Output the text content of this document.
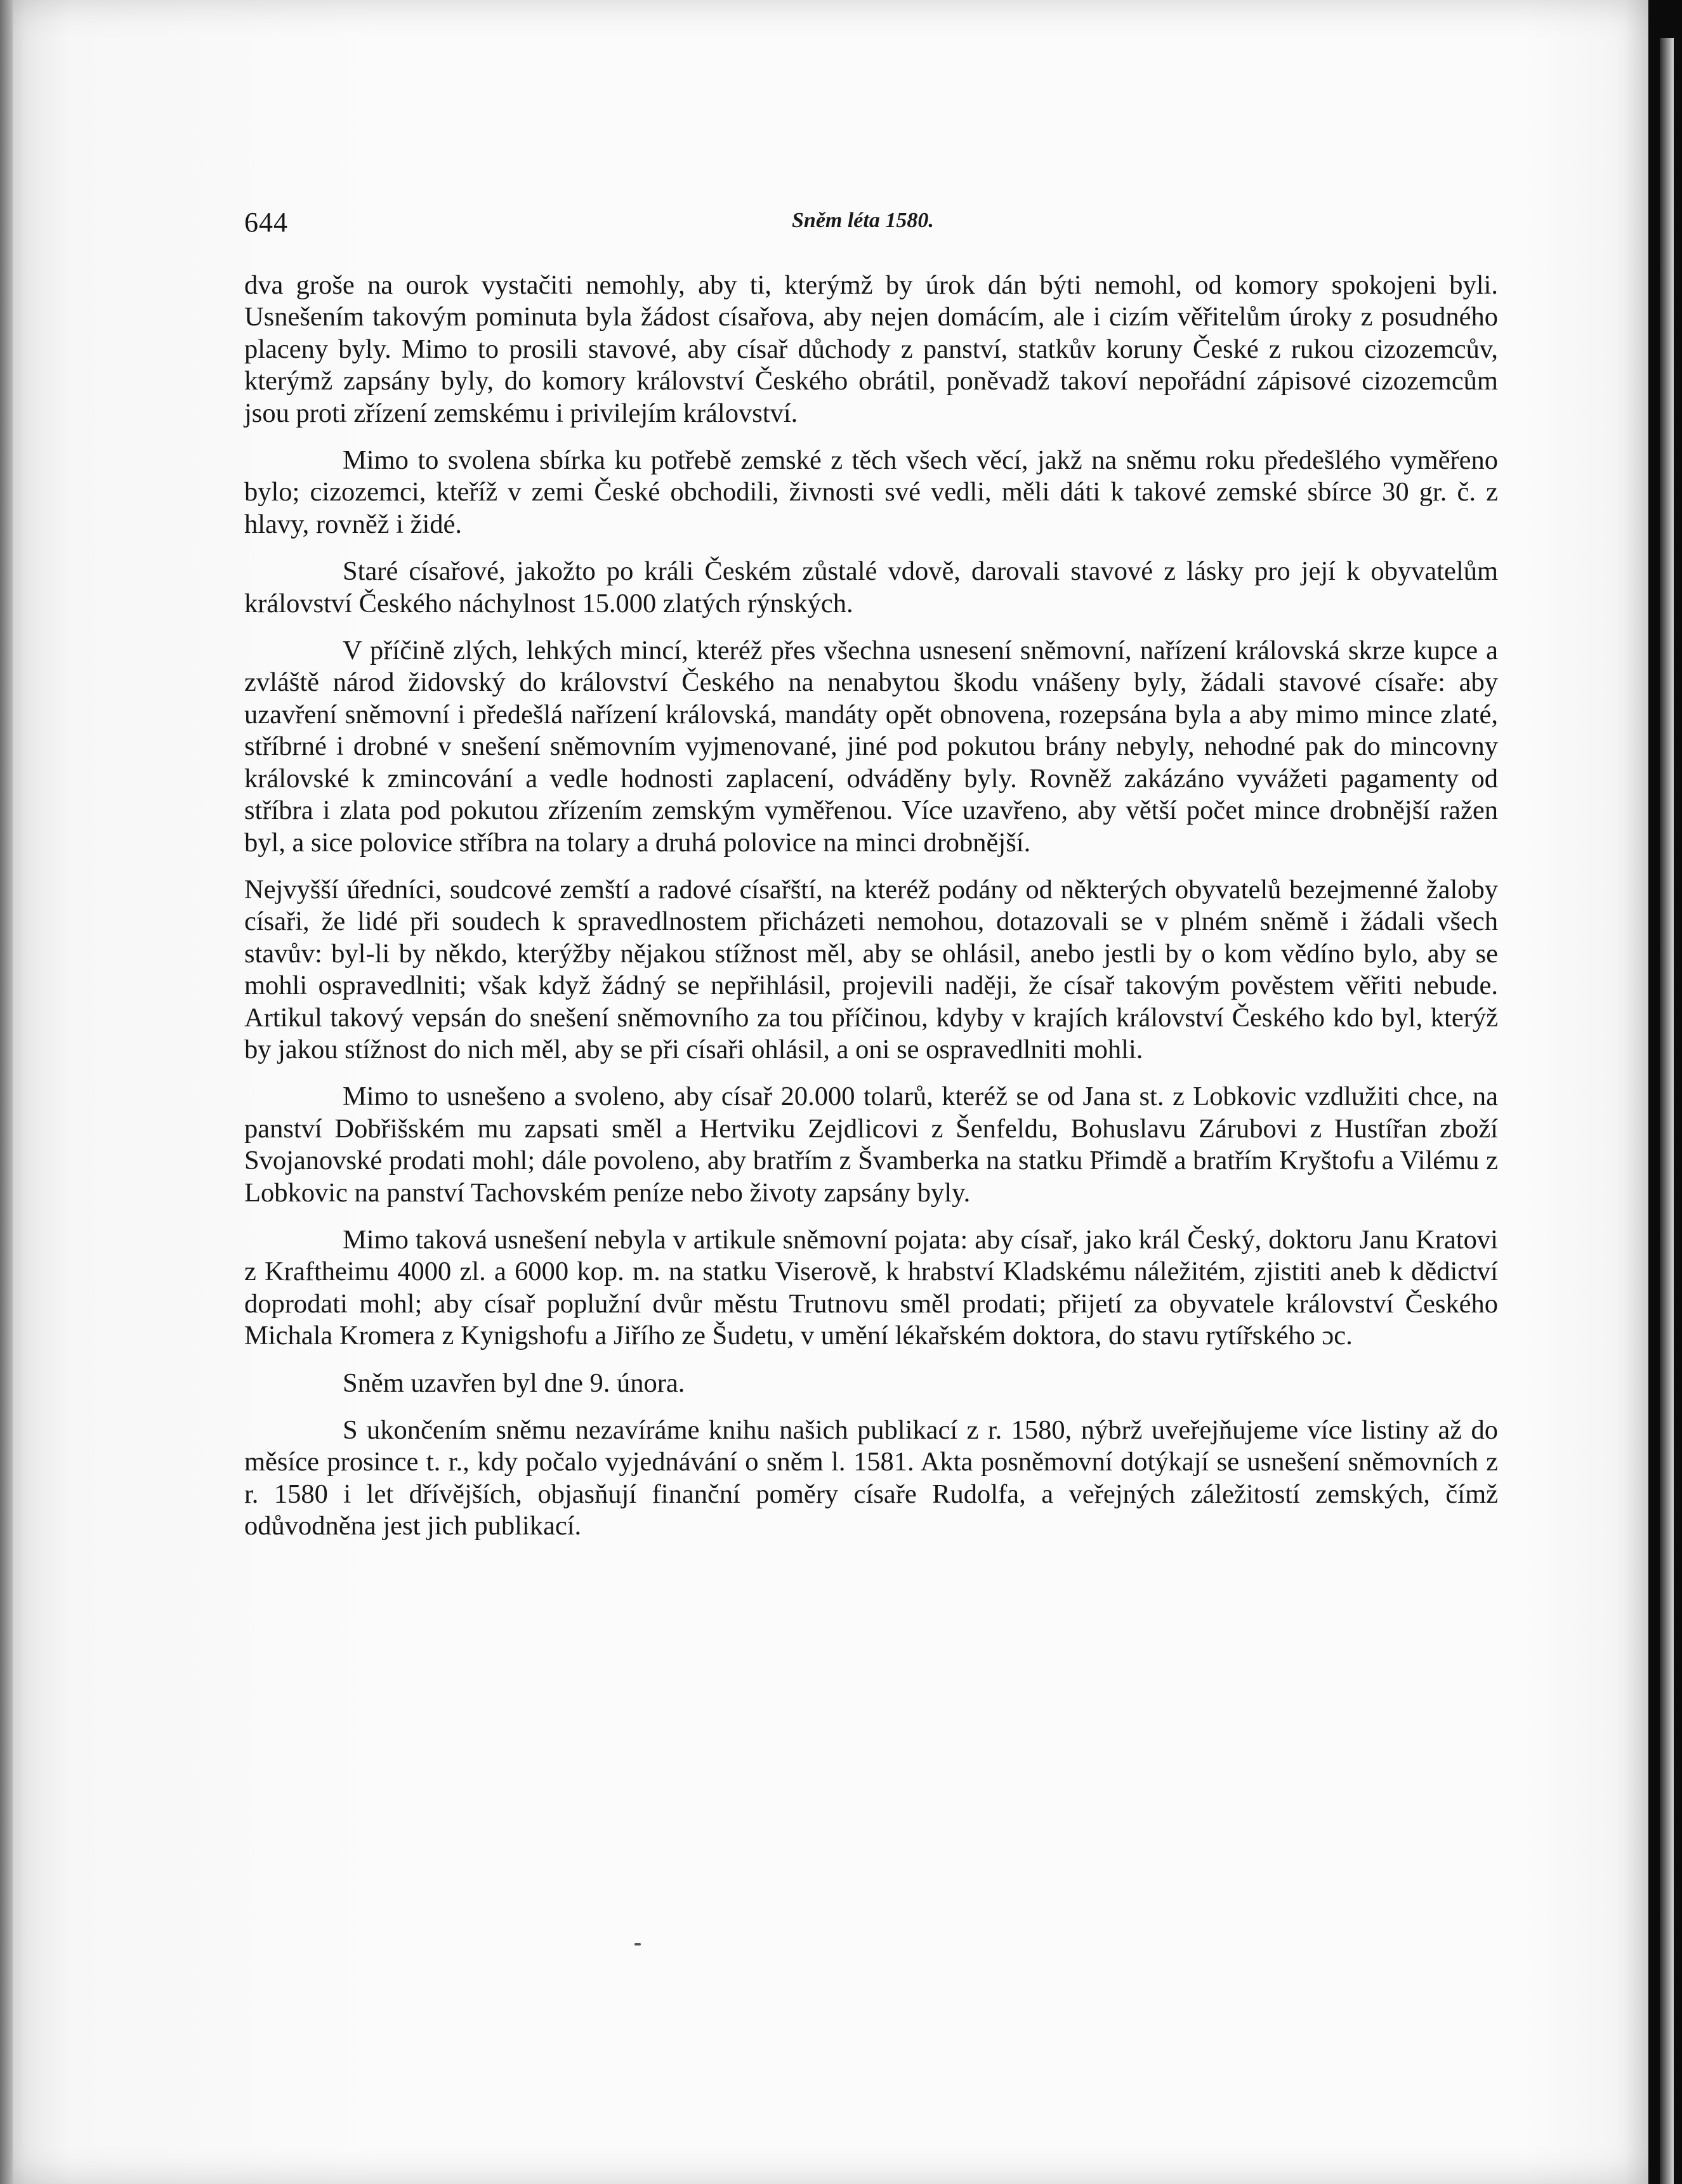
644	Sněm léta 1580.

dva groše na ourok vystačiti nemohly, aby ti, kterýmž by úrok dán býti nemohl, od komory spokojeni byli. Usnešením takovým pominuta byla žádost císařova, aby nejen domácím, ale i cizím věřitelům úroky z posudného placeny byly. Mimo to prosili stavové, aby císař důchody z panství, statkův koruny České z rukou cizozemcův, kterýmž zapsány byly, do komory království Českého obrátil, poněvadž takoví nepořádní zápisové cizozemcům jsou proti zřízení zemskému i privilejím království.

Mimo to svolena sbírka ku potřebě zemské z těch všech věcí, jakž na sněmu roku předešlého vyměřeno bylo; cizozemci, kteříž v zemi České obchodili, živnosti své vedli, měli dáti k takové zemské sbírce 30 gr. č. z hlavy, rovněž i židé.

Staré císařové, jakožto po králi Českém zůstalé vdově, darovali stavové z lásky pro její k obyvatelům království Českého náchylnost 15.000 zlatých rýnských.

V příčině zlých, lehkých mincí, kteréž přes všechna usnesení sněmovní, nařízení královská skrze kupce a zvláště národ židovský do království Českého na nenabytou škodu vnášeny byly, žádali stavové císaře: aby uzavření sněmovní i předešlá nařízení královská, mandáty opět obnovena, rozepsána byla a aby mimo mince zlaté, stříbrné i drobné v snešení sněmovním vyjmenované, jiné pod pokutou brány nebyly, nehodné pak do mincovny královské k zmincování a vedle hodnosti zaplacení, odváděny byly. Rovněž zakázáno vyvážeti pagamenty od stříbra i zlata pod pokutou zřízením zemským vyměřenou. Více uzavřeno, aby větší počet mince drobnější ražen byl, a sice polovice stříbra na tolary a druhá polovice na minci drobnější.

Nejvyšší úředníci, soudcové zemští a radové císařští, na kteréž podány od některých obyvatelů bezejmenné žaloby císaři, že lidé při soudech k spravedlnostem přicházeti nemohou, dotazovali se v plném sněmě i žádali všech stavův: byl-li by někdo, kterýžby nějakou stížnost měl, aby se ohlásil, anebo jestli by o kom vědíno bylo, aby se mohli ospravedlniti; však když žádný se nepřihlásil, projevili naději, že císař takovým pověstem věřiti nebude. Artikul takový vepsán do snešení sněmovního za tou příčinou, kdyby v krajích království Českého kdo byl, kterýž by jakou stížnost do nich měl, aby se při císaři ohlásil, a oni se ospravedlniti mohli.

Mimo to usnešeno a svoleno, aby císař 20.000 tolarů, kteréž se od Jana st. z Lobkovic vzdlužiti chce, na panství Dobřišském mu zapsati směl a Hertviku Zejdlicovi z Šenfeldu, Bohuslavu Zárubovi z Hustířan zboží Svojanovské prodati mohl; dále povoleno, aby bratřím z Švamberka na statku Přimdě a bratřím Kryštofu a Vilému z Lobkovic na panství Tachovském peníze nebo životy zapsány byly.

Mimo taková usnešení nebyla v artikule sněmovní pojata: aby císař, jako král Český, doktoru Janu Kratovi z Kraftheimu 4000 zl. a 6000 kop. m. na statku Viserově, k hrabství Kladskému náležitém, zjistiti aneb k dědictví doprodati mohl; aby císař poplužní dvůr městu Trutnovu směl prodati; přijetí za obyvatele království Českého Michala Kromera z Kynigshofu a Jiřího ze Šudetu, v umění lékařském doktora, do stavu rytířského ɔc.

Sněm uzavřen byl dne 9. února.

S ukončením sněmu nezavíráme knihu našich publikací z r. 1580, nýbrž uveřejňujeme více listiny až do měsíce prosince t. r., kdy počalo vyjednávání o sněm l. 1581. Akta posněmovní dotýkají se usnešení sněmovních z r. 1580 i let dřívějších, objasňují finanční poměry císaře Rudolfa, a veřejných záležitostí zemských, čímž odůvodněna jest jich publikací.
